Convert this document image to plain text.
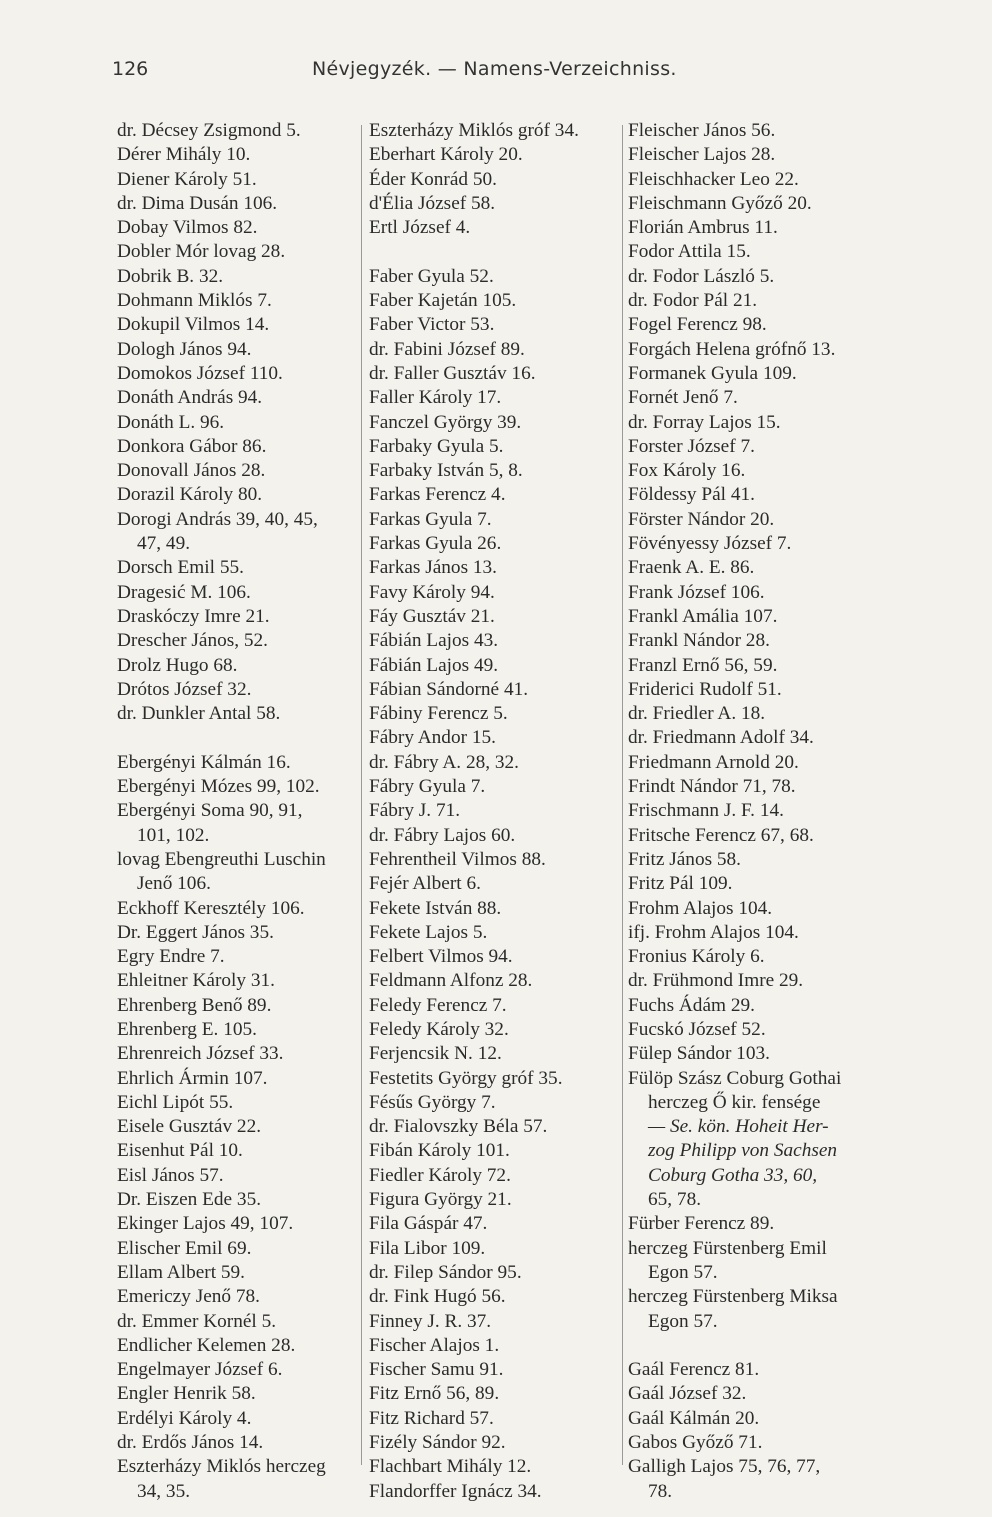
126	Névjegyzék. — Namens-Verzeichniss.
dr. Décsey Zsigmond 5.
Dérer Mihály 10.
Diener Károly 51.
dr. Dima Dusán 106.
Dobay Vilmos 82.
Dobler Mór lovag 28.
Dobrik B. 32.
Dohmann Miklós 7.
Dokupil Vilmos 14.
Dologh János 94.
Domokos József 110.
Donáth András 94.
Donáth L. 96.
Donkora Gábor 86.
Donovall János 28.
Dorazil Károly 80.
Dorogi András 39, 40, 45,
47, 49.
Dorsch Emil 55.
Dragesić M. 106.
Draskóczy Imre 21.
Drescher János, 52.
Drolz Hugo 68.
Drótos József 32.
dr. Dunkler Antal 58.
Ebergényi Kálmán 16.
Ebergényi Mózes 99, 102.
Ebergényi Soma 90, 91,
101, 102.
lovag Ebengreuthi Luschin
Jenő 106.
Eckhoff Keresztély 106.
Dr. Eggert János 35.
Egry Endre 7.
Ehleitner Károly 31.
Ehrenberg Benő 89.
Ehrenberg E. 105.
Ehrenreich József 33.
Ehrlich Ármin 107.
Eichl Lipót 55.
Eisele Gusztáv 22.
Eisenhut Pál 10.
Eisl János 57.
Dr. Eiszen Ede 35.
Ekinger Lajos 49, 107.
Elischer Emil 69.
Ellam Albert 59.
Emericzy Jenő 78.
dr. Emmer Kornél 5.
Endlicher Kelemen 28.
Engelmayer József 6.
Engler Henrik 58.
Erdélyi Károly 4.
dr. Erdős János 14.
Eszterházy Miklós herczeg
34, 35.
Eszterházy Miklós gróf 34.
Eberhart Károly 20.
Éder Konrád 50.
d'Élia József 58.
Ertl József 4.
Faber Gyula 52.
Faber Kajetán 105.
Faber Victor 53.
dr. Fabini József 89.
dr. Faller Gusztáv 16.
Faller Károly 17.
Fanczel György 39.
Farbaky Gyula 5.
Farbaky István 5, 8.
Farkas Ferencz 4.
Farkas Gyula 7.
Farkas Gyula 26.
Farkas János 13.
Favy Károly 94.
Fáy Gusztáv 21.
Fábián Lajos 43.
Fábián Lajos 49.
Fábian Sándorné 41.
Fábiny Ferencz 5.
Fábry Andor 15.
dr. Fábry A. 28, 32.
Fábry Gyula 7.
Fábry J. 71.
dr. Fábry Lajos 60.
Fehrentheil Vilmos 88.
Fejér Albert 6.
Fekete István 88.
Fekete Lajos 5.
Felbert Vilmos 94.
Feldmann Alfonz 28.
Feledy Ferencz 7.
Feledy Károly 32.
Ferjencsik N. 12.
Festetits György gróf 35.
Fésűs György 7.
dr. Fialovszky Béla 57.
Fibán Károly 101.
Fiedler Károly 72.
Figura György 21.
Fila Gáspár 47.
Fila Libor 109.
dr. Filep Sándor 95.
dr. Fink Hugó 56.
Finney J. R. 37.
Fischer Alajos 1.
Fischer Samu 91.
Fitz Ernő 56, 89.
Fitz Richard 57.
Fizély Sándor 92.
Flachbart Mihály 12.
Flandorffer Ignácz 34.
Fleischer János 56.
Fleischer Lajos 28.
Fleischhacker Leo 22.
Fleischmann Győző 20.
Florián Ambrus 11.
Fodor Attila 15.
dr. Fodor László 5.
dr. Fodor Pál 21.
Fogel Ferencz 98.
Forgách Helena grófnő 13.
Formanek Gyula 109.
Fornét Jenő 7.
dr. Forray Lajos 15.
Forster József 7.
Fox Károly 16.
Földessy Pál 41.
Förster Nándor 20.
Fövényessy József 7.
Fraenk A. E. 86.
Frank József 106.
Frankl Amália 107.
Frankl Nándor 28.
Franzl Ernő 56, 59.
Friderici Rudolf 51.
dr. Friedler A. 18.
dr. Friedmann Adolf 34.
Friedmann Arnold 20.
Frindt Nándor 71, 78.
Frischmann J. F. 14.
Fritsche Ferencz 67, 68.
Fritz János 58.
Fritz Pál 109.
Frohm Alajos 104.
ifj. Frohm Alajos 104.
Fronius Károly 6.
dr. Frühmond Imre 29.
Fuchs Ádám 29.
Fucskó József 52.
Fülep Sándor 103.
Fülöp Szász Coburg Gothai
herczeg Ő kir. fensége
— Se. kön. Hoheit Her-
zog Philipp von Sachsen
Coburg Gotha 33, 60,
65, 78.
Fürber Ferencz 89.
herczeg Fürstenberg Emil
Egon 57.
herczeg Fürstenberg Miksa
Egon 57.
Gaál Ferencz 81.
Gaál József 32.
Gaál Kálmán 20.
Gabos Győző 71.
Galligh Lajos 75, 76, 77,
78.
